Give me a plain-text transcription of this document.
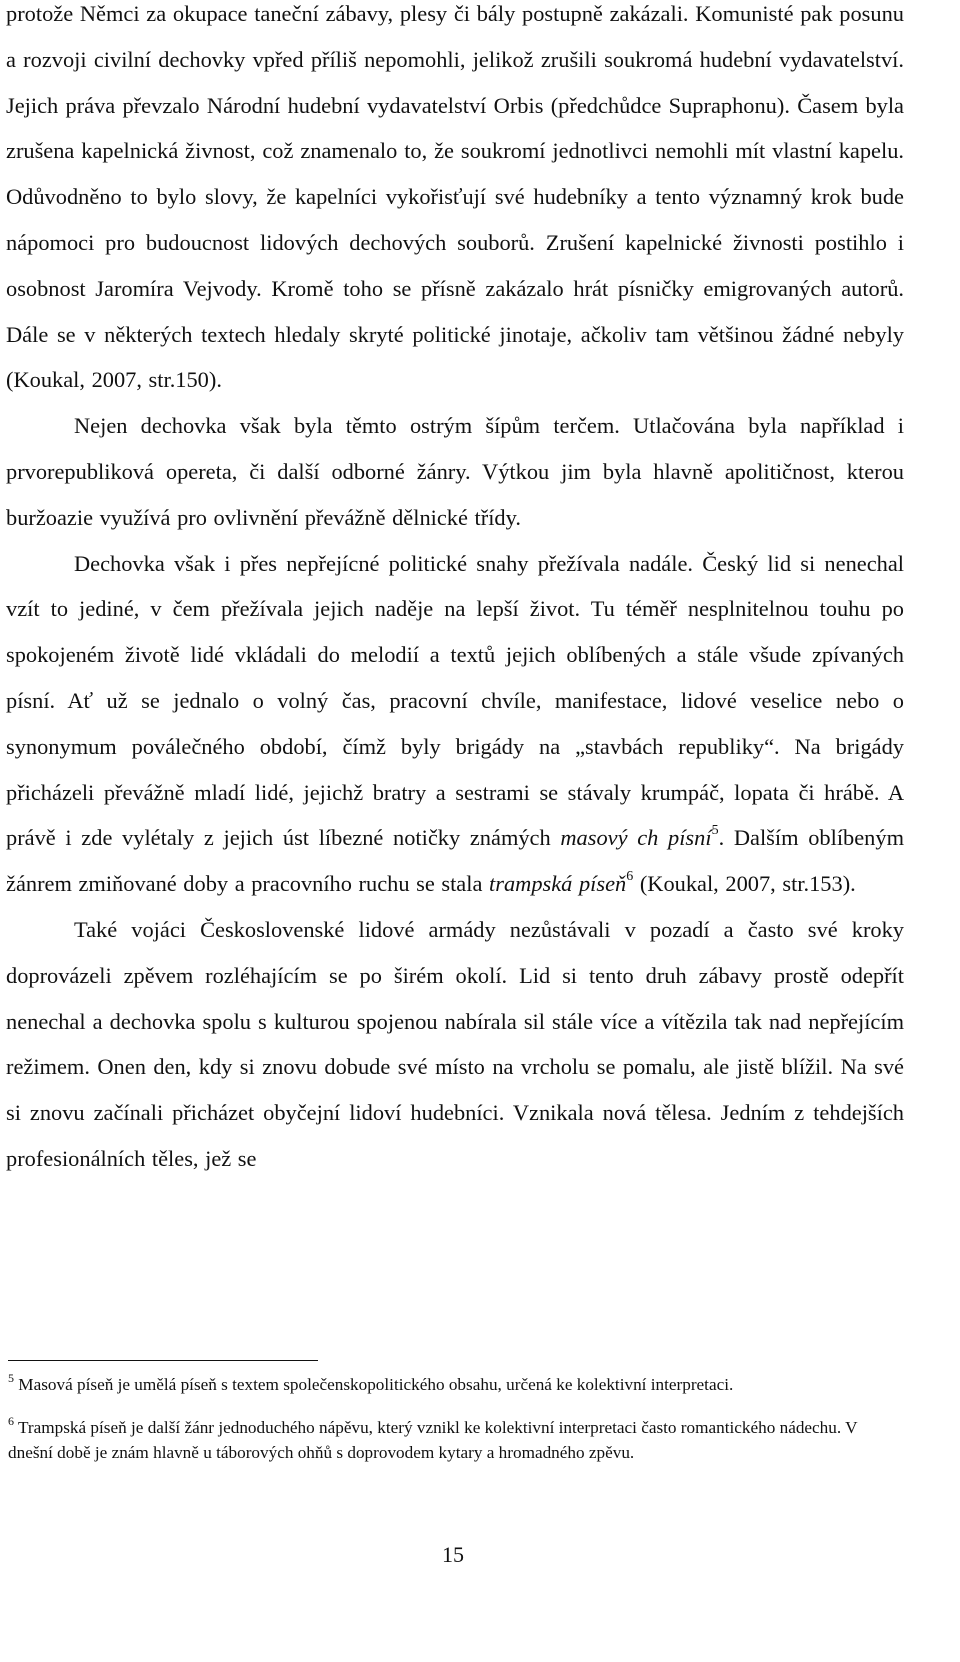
protože Němci za okupace taneční zábavy, plesy či bály postupně zakázali. Komunisté pak posunu a rozvoji civilní dechovky vpřed příliš nepomohli, jelikož zrušili soukromá hudební vydavatelství. Jejich práva převzalo Národní hudební vydavatelství Orbis (předchůdce Supraphonu). Časem byla zrušena kapelnická živnost, což znamenalo to, že soukromí jednotlivci nemohli mít vlastní kapelu. Odůvodněno to bylo slovy, že kapelníci vykořisťují své hudebníky a tento významný krok bude nápomoci pro budoucnost lidových dechových souborů. Zrušení kapelnické živnosti postihlo i osobnost Jaromíra Vejvody. Kromě toho se přísně zakázalo hrát písničky emigrovaných autorů. Dále se v některých textech hledaly skryté politické jinotaje, ačkoliv tam většinou žádné nebyly (Koukal, 2007, str.150).

Nejen dechovka však byla těmto ostrým šípům terčem. Utlačována byla například i prvorepubliková opereta, či další odborné žánry. Výtkou jim byla hlavně apolitičnost, kterou buržoazie využívá pro ovlivnění převážně dělnické třídy.

Dechovka však i přes nepřejícné politické snahy přežívala nadále. Český lid si nenechal vzít to jediné, v čem přežívala jejich naděje na lepší život. Tu téměř nesplnitelnou touhu po spokojeném životě lidé vkládali do melodií a textů jejich oblíbených a stále všude zpívaných písní. Ať už se jednalo o volný čas, pracovní chvíle, manifestace, lidové veselice nebo o synonymum poválečného období, čímž byly brigády na „stavbách republiky“. Na brigády přicházeli převážně mladí lidé, jejichž bratry a sestrami se stávaly krumpáč, lopata či hrábě. A právě i zde vylétaly z jejich úst líbezné notičky známých masový ch písní$^5$. Dalším oblíbeným žánrem zmiňované doby a pracovního ruchu se stala trampská píseň$^6$ (Koukal, 2007, str.153).

Také vojáci Československé lidové armády nezůstávali v pozadí a často své kroky doprovázeli zpěvem rozléhajícím se po širém okolí. Lid si tento druh zábavy prostě odepřít nenechal a dechovka spolu s kulturou spojenou nabírala sil stále více a vítězila tak nad nepřejícím režimem. Onen den, kdy si znovu dobude své místo na vrcholu se pomalu, ale jistě blížil. Na své si znovu začínali přicházet obyčejní lidoví hudebníci. Vznikala nová tělesa. Jedním z tehdejších profesionálních těles, jež se

$^5$ Masová píseň je umělá píseň s textem společenskopolitického obsahu, určená ke kolektivní interpretaci.

$^6$ Trampská píseň je další žánr jednoduchého nápěvu, který vznikl ke kolektivní interpretaci často romantického nádechu. V dnešní době je znám hlavně u táborových ohňů s doprovodem kytary a hromadného zpěvu.

15
